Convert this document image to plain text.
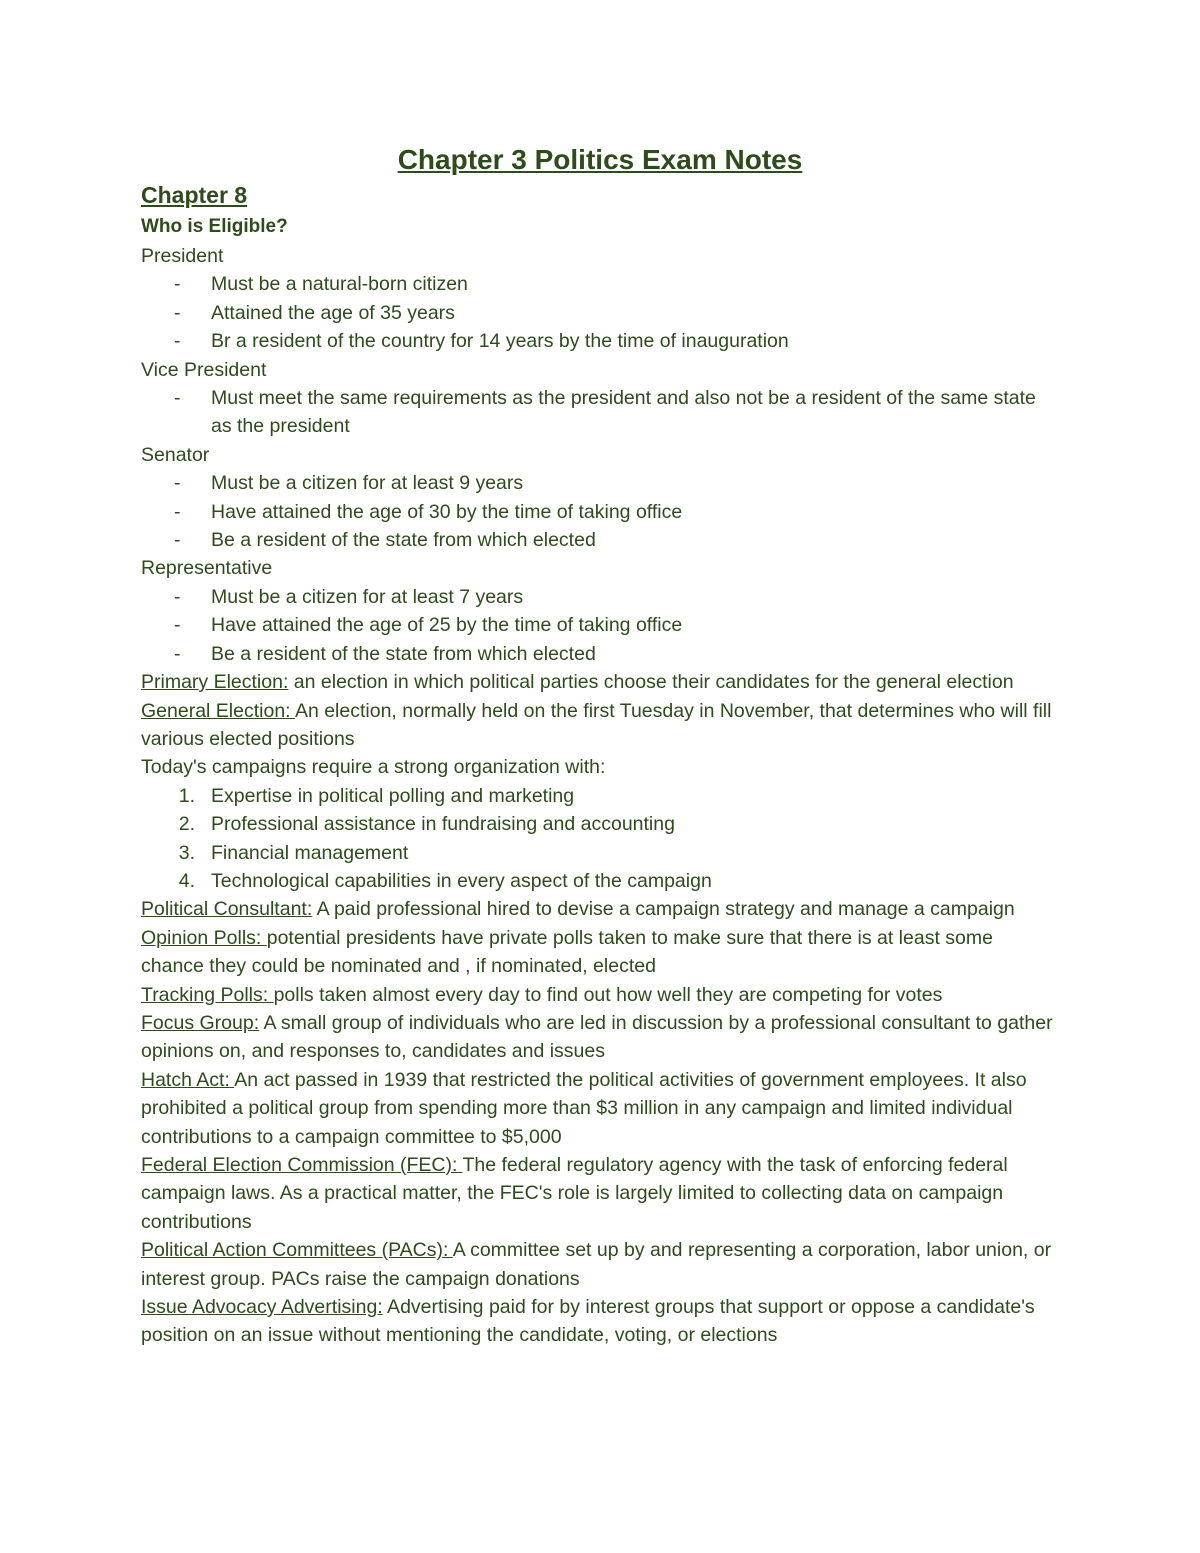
Chapter 3 Politics Exam Notes
Chapter 8
Who is Eligible?
President
- Must be a natural-born citizen
- Attained the age of 35 years
- Br a resident of the country for 14 years by the time of inauguration
Vice President
- Must meet the same requirements as the president and also not be a resident of the same state as the president
Senator
- Must be a citizen for at least 9 years
- Have attained the age of 30 by the time of taking office
- Be a resident of the state from which elected
Representative
- Must be a citizen for at least 7 years
- Have attained the age of 25 by the time of taking office
- Be a resident of the state from which elected
Primary Election: an election in which political parties choose their candidates for the general election
General Election: An election, normally held on the first Tuesday in November, that determines who will fill various elected positions
Today's campaigns require a strong organization with:
1. Expertise in political polling and marketing
2. Professional assistance in fundraising and accounting
3. Financial management
4. Technological capabilities in every aspect of the campaign
Political Consultant: A paid professional hired to devise a campaign strategy and manage a campaign
Opinion Polls: potential presidents have private polls taken to make sure that there is at least some chance they could be nominated and , if nominated, elected
Tracking Polls: polls taken almost every day to find out how well they are competing for votes
Focus Group: A small group of individuals who are led in discussion by a professional consultant to gather opinions on, and responses to, candidates and issues
Hatch Act: An act passed in 1939 that restricted the political activities of government employees. It also prohibited a political group from spending more than $3 million in any campaign and limited individual contributions to a campaign committee to $5,000
Federal Election Commission (FEC): The federal regulatory agency with the task of enforcing federal campaign laws. As a practical matter, the FEC's role is largely limited to collecting data on campaign contributions
Political Action Committees (PACs): A committee set up by and representing a corporation, labor union, or interest group. PACs raise the campaign donations
Issue Advocacy Advertising: Advertising paid for by interest groups that support or oppose a candidate's position on an issue without mentioning the candidate, voting, or elections
